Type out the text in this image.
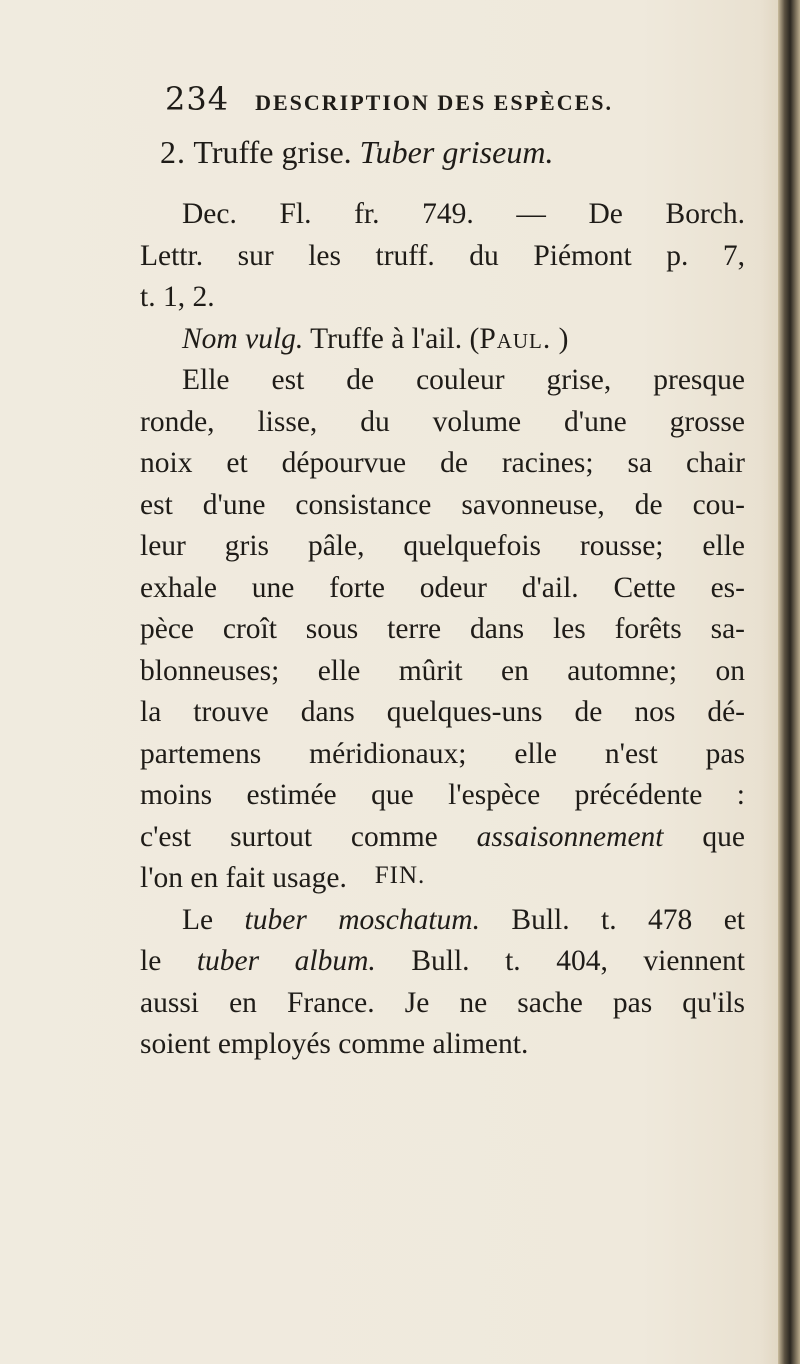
234 DESCRIPTION DES ESPÈCES.

2. Truffe grise. Tuber griseum.

Dec. Fl. fr. 749. — De Borch.

Lettr. sur les truff. du Piémont p. 7,

t. 1, 2.

Nom vulg. Truffe à l'ail. (Paul. )

Elle est de couleur grise, presque

ronde, lisse, du volume d'une grosse

noix et dépourvue de racines; sa chair

est d'une consistance savonneuse, de cou-

leur gris pâle, quelquefois rousse; elle

exhale une forte odeur d'ail. Cette es-

pèce croît sous terre dans les forêts sa-

blonneuses; elle mûrit en automne; on

la trouve dans quelques-uns de nos dé-

partemens méridionaux; elle n'est pas

moins estimée que l'espèce précédente :

c'est surtout comme assaisonnement que

l'on en fait usage.

Le tuber moschatum. Bull. t. 478 et

le tuber album. Bull. t. 404, viennent

aussi en France. Je ne sache pas qu'ils

soient employés comme aliment.

FIN.
